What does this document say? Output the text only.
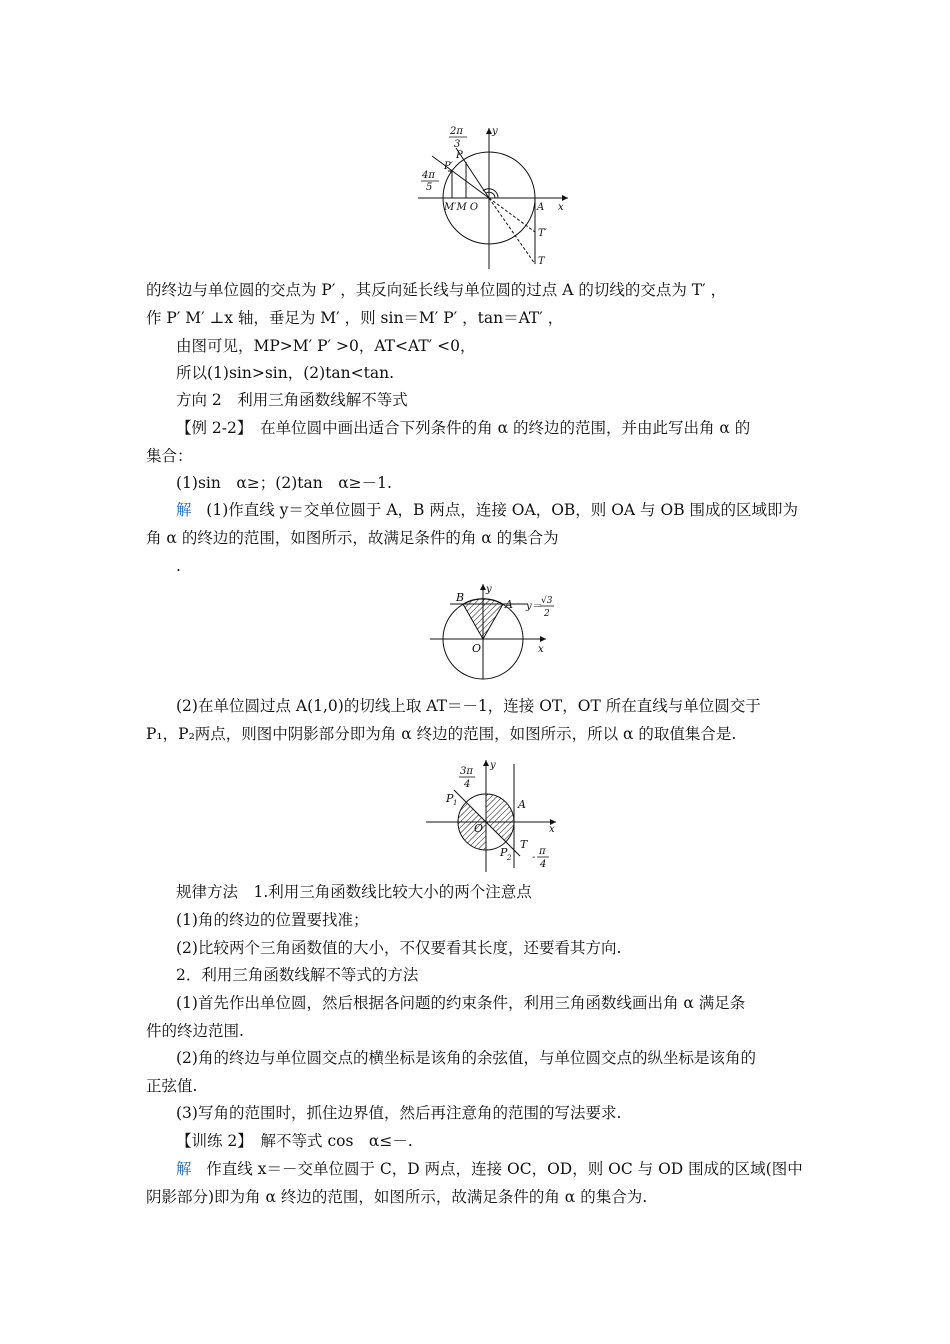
y
x
2π
3
4π
5
P
P′
M′M O	A
T′
T
的终边与单位圆的交点为 P′ ，其反向延长线与单位圆的过点 A 的切线的交点为 T′ ，
作 P′ M′ ⊥x 轴，垂足为 M′ ，则 sin＝M′ P′ ，tan＝AT′ ，
由图可见，MP>M′ P′ >0，AT<AT′ <0，
所以(1)sin>sin，(2)tan<tan.
方向 2　利用三角函数线解不等式
【例 2-2】　在单位圆中画出适合下列条件的角 α 的终边的范围，并由此写出角 α 的
集合：
(1)sin　α≥；(2)tan　α≥－1.
解 (1)作直线 y＝交单位圆于 A，B 两点，连接 OA，OB，则 OA 与 OB 围成的区域即为
角 α 的终边的范围，如图所示，故满足条件的角 α 的集合为
.
y
x
B
A
O
y＝ √3
2
(2)在单位圆过点 A(1,0)的切线上取 AT＝－1，连接 OT，OT 所在直线与单位圆交于
P₁，P₂两点，则图中阴影部分即为角 α 终边的范围，如图所示，所以 α 的取值集合是.
y
x
3π
4
P 1
O
A
T
P 2 -
π
4
规律方法　1.利用三角函数线比较大小的两个注意点
(1)角的终边的位置要找准；
(2)比较两个三角函数值的大小，不仅要看其长度，还要看其方向.
2．利用三角函数线解不等式的方法
(1)首先作出单位圆，然后根据各问题的约束条件，利用三角函数线画出角 α 满足条
件的终边范围.
(2)角的终边与单位圆交点的横坐标是该角的余弦值，与单位圆交点的纵坐标是该角的
正弦值.
(3)写角的范围时，抓住边界值，然后再注意角的范围的写法要求.
【训练 2】　解不等式 cos　α≤－.
解 作直线 x＝－交单位圆于 C，D 两点，连接 OC，OD，则 OC 与 OD 围成的区域(图中
阴影部分)即为角 α 终边的范围，如图所示，故满足条件的角 α 的集合为.
